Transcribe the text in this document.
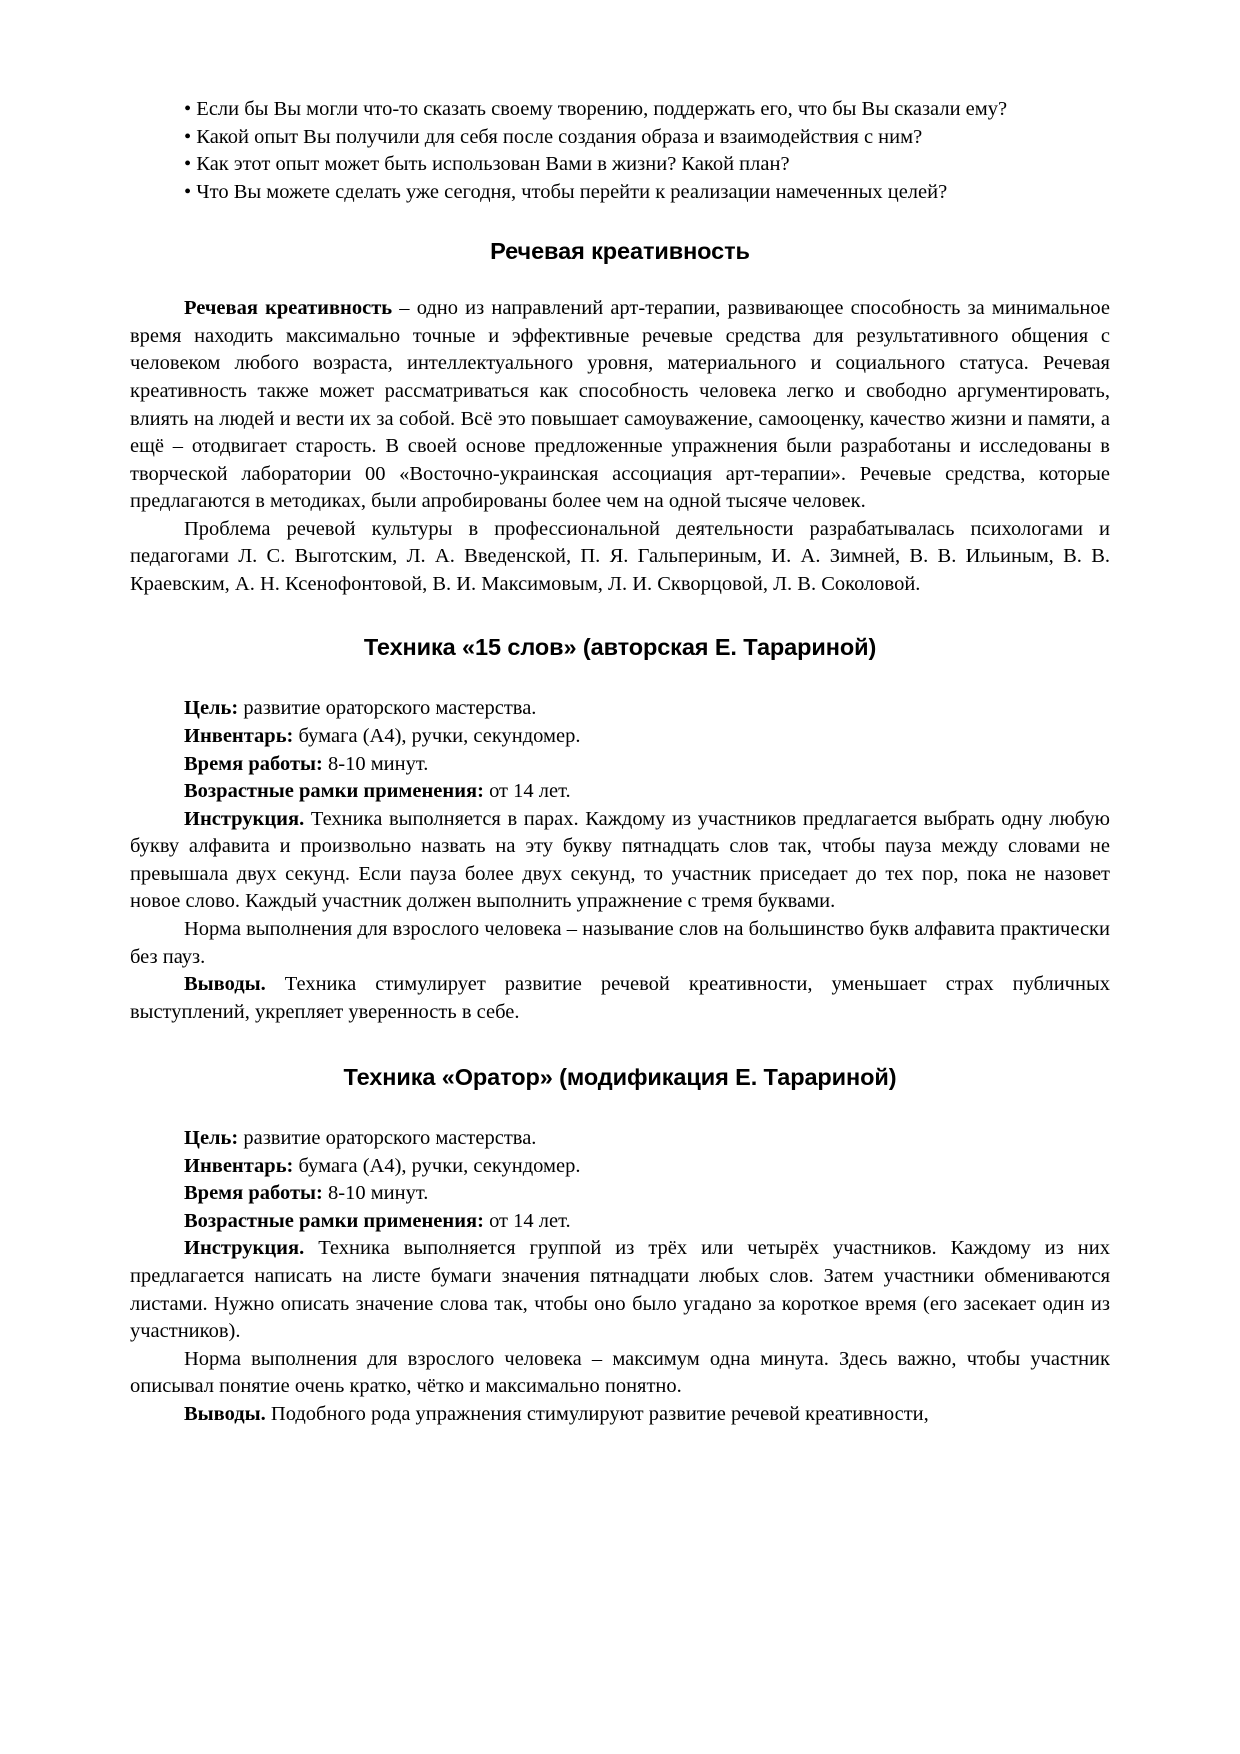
• Если бы Вы могли что-то сказать своему творению, поддержать его, что бы Вы сказали ему?

• Какой опыт Вы получили для себя после создания образа и взаимодействия с ним?

• Как этот опыт может быть использован Вами в жизни? Какой план?

• Что Вы можете сделать уже сегодня, чтобы перейти к реализации намеченных целей?

Речевая креативность

Речевая креативность – одно из направлений арт-терапии, развивающее способность за минимальное время находить максимально точные и эффективные речевые средства для результативного общения с человеком любого возраста, интеллектуального уровня, материального и социального статуса. Речевая креативность также может рассматриваться как способность человека легко и свободно аргументировать, влиять на людей и вести их за собой. Всё это повышает самоуважение, самооценку, качество жизни и памяти, а ещё – отодвигает старость. В своей основе предложенные упражнения были разработаны и исследованы в творческой лаборатории 00 «Восточно-украинская ассоциация арт-терапии». Речевые средства, которые предлагаются в методиках, были апробированы более чем на одной тысяче человек.

Проблема речевой культуры в профессиональной деятельности разрабатывалась психологами и педагогами Л. С. Выготским, Л. А. Введенской, П. Я. Гальпериным, И. А. Зимней, В. В. Ильиным, В. В. Краевским, А. Н. Ксенофонтовой, В. И. Максимовым, Л. И. Скворцовой, Л. В. Соколовой.

Техника «15 слов» (авторская Е. Тарариной)

Цель: развитие ораторского мастерства.

Инвентарь: бумага (А4), ручки, секундомер.

Время работы: 8-10 минут.

Возрастные рамки применения: от 14 лет.

Инструкция. Техника выполняется в парах. Каждому из участников предлагается выбрать одну любую букву алфавита и произвольно назвать на эту букву пятнадцать слов так, чтобы пауза между словами не превышала двух секунд. Если пауза более двух секунд, то участник приседает до тех пор, пока не назовет новое слово. Каждый участник должен выполнить упражнение с тремя буквами.

Норма выполнения для взрослого человека – называние слов на большинство букв алфавита практически без пауз.

Выводы. Техника стимулирует развитие речевой креативности, уменьшает страх публичных выступлений, укрепляет уверенность в себе.

Техника «Оратор» (модификация Е. Тарариной)

Цель: развитие ораторского мастерства.

Инвентарь: бумага (А4), ручки, секундомер.

Время работы: 8-10 минут.

Возрастные рамки применения: от 14 лет.

Инструкция. Техника выполняется группой из трёх или четырёх участников. Каждому из них предлагается написать на листе бумаги значения пятнадцати любых слов. Затем участники обмениваются листами. Нужно описать значение слова так, чтобы оно было угадано за короткое время (его засекает один из участников).

Норма выполнения для взрослого человека – максимум одна минута. Здесь важно, чтобы участник описывал понятие очень кратко, чётко и максимально понятно.

Выводы. Подобного рода упражнения стимулируют развитие речевой креативности,
